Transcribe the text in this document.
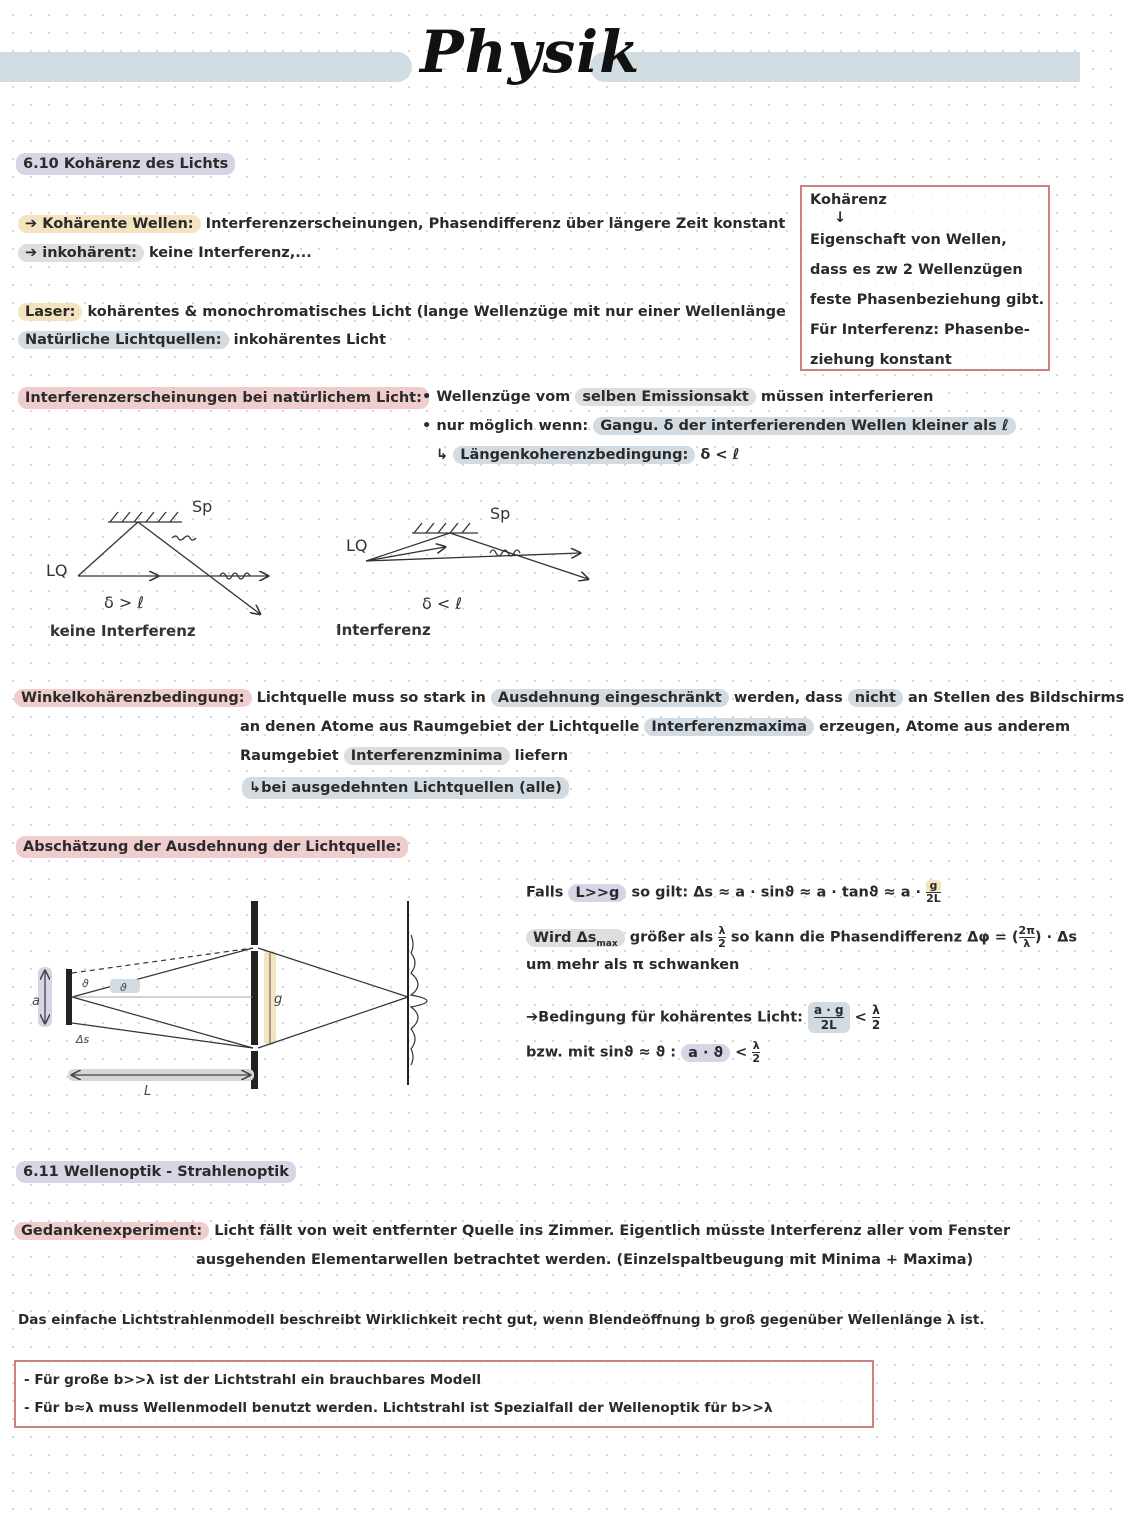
Physik
6.10 Kohärenz des Lichts
➔ Kohärente Wellen: Interferenzerscheinungen, Phasendifferenz über längere Zeit konstant
➔ inkohärent: keine Interferenz,...
Laser: kohärentes & monochromatisches Licht (lange Wellenzüge mit nur einer Wellenlänge
Natürliche Lichtquellen: inkohärentes Licht
Kohärenz
↓
Eigenschaft von Wellen,
dass es zw 2 Wellenzügen
feste Phasenbeziehung gibt.
Für Interferenz: Phasenbe-
ziehung konstant
Interferenzerscheinungen bei natürlichem Licht: • Wellenzüge vom selben Emissionsakt müssen interferieren
• nur möglich wenn: Gangu. δ der interferierenden Wellen kleiner als ℓ
↳ Längenkoherenzbedingung: δ < ℓ
Sp
LQ
δ > ℓ
keine Interferenz
Sp
LQ
δ < ℓ
Interferenz
Winkelkohärenzbedingung: Lichtquelle muss so stark in Ausdehnung eingeschränkt werden, dass nicht an Stellen des Bildschirms
an denen Atome aus Raumgebiet der Lichtquelle Interferenzmaxima erzeugen, Atome aus anderem
Raumgebiet Interferenzminima liefern
↳bei ausgedehnten Lichtquellen (alle)
Abschätzung der Ausdehnung der Lichtquelle:
a	g
ϑ	ϑ
Δs
L
Falls L>>g so gilt: $\Delta s \approx a \cdot \sin ϑ \approx a \cdot \tan ϑ \approx a \cdot \frac{g}{2L}$
Wird $\Delta s_{max}$ größer als $\frac{\lambda}{2}$ so kann die Phasendifferenz Δφ = ( $\frac{2\pi}{\lambda}$ ) · Δs
um mehr als π schwanken
➔Bedingung für kohärentes Licht: $\frac{a \cdot g}{2L} < \frac{\lambda}{2}$
bzw. mit sinϑ ≈ ϑ : $a \cdot ϑ < \frac{\lambda}{2}$
6.11 Wellenoptik - Strahlenoptik
Gedankenexperiment: Licht fällt von weit entfernter Quelle ins Zimmer. Eigentlich müsste Interferenz aller vom Fenster
ausgehenden Elementarwellen betrachtet werden. (Einzelspaltbeugung mit Minima + Maxima)
Das einfache Lichtstrahlenmodell beschreibt Wirklichkeit recht gut, wenn Blendeöffnung b groß gegenüber Wellenlänge λ ist.
- Für große b>>λ ist der Lichtstrahl ein brauchbares Modell
- Für b≈λ muss Wellenmodell benutzt werden. Lichtstrahl ist Spezialfall der Wellenoptik für b>>λ
